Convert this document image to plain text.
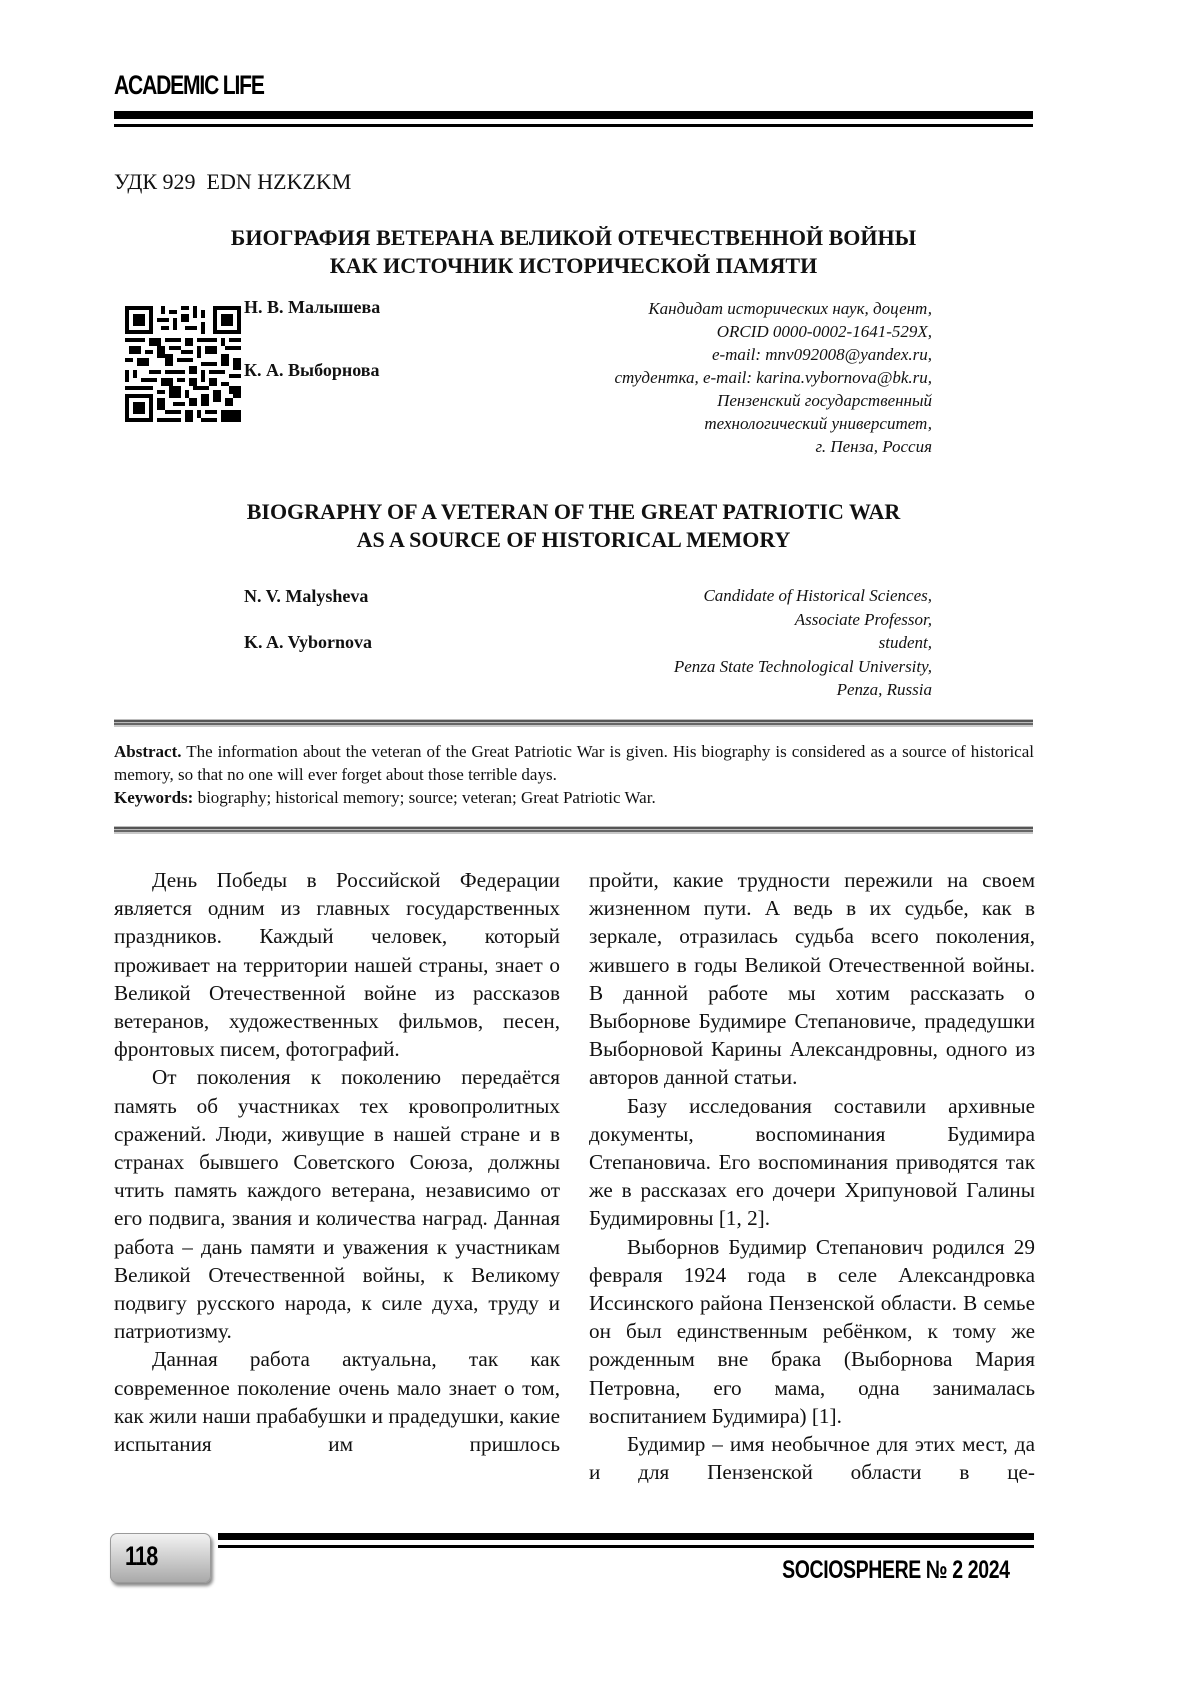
ACADEMIC LIFE
УДК 929  EDN HZKZKM
БИОГРАФИЯ ВЕТЕРАНА ВЕЛИКОЙ ОТЕЧЕСТВЕННОЙ ВОЙНЫ
КАК ИСТОЧНИК ИСТОРИЧЕСКОЙ ПАМЯТИ
Н. В. Малышева
К. А. Выборнова
Кандидат исторических наук, доцент,
ORCID 0000-0002-1641-529X,
e-mail: mnv092008@yandex.ru,
студентка, e-mail: karina.vybornova@bk.ru,
Пензенский государственный
технологический университет,
г. Пенза, Россия
BIOGRAPHY OF A VETERAN OF THE GREAT PATRIOTIC WAR
AS A SOURCE OF HISTORICAL MEMORY
N. V. Malysheva
K. A. Vybornova
Candidate of Historical Sciences,
Associate Professor,
student,
Penza State Technological University,
Penza, Russia
Abstract. The information about the veteran of the Great Patriotic War is given. His biography is considered as a source of historical memory, so that no one will ever forget about those terrible days.
Keywords: biography; historical memory; source; veteran; Great Patriotic War.

День Победы в Российской Федерации является одним из главных государственных праздников. Каждый человек, который проживает на территории нашей страны, знает о Великой Отечественной войне из рассказов ветеранов, художественных фильмов, песен, фронтовых писем, фотографий.

От поколения к поколению передаётся память об участниках тех кровопролитных сражений. Люди, живущие в нашей стране и в странах бывшего Советского Союза, должны чтить память каждого ветерана, независимо от его подвига, звания и количества наград. Данная работа – дань памяти и уважения к участникам Великой Отечественной войны, к Великому подвигу русского народа, к силе духа, труду и патриотизму.

Данная работа актуальна, так как современное поколение очень мало знает о том, как жили наши прабабушки и прадедушки, какие испытания им пришлось

пройти, какие трудности пережили на своем жизненном пути. А ведь в их судьбе, как в зеркале, отразилась судьба всего поколения, жившего в годы Великой Отечественной войны. В данной работе мы хотим рассказать о Выборнове Будимире Степановиче, прадедушки Выборновой Карины Александровны, одного из авторов данной статьи.

Базу исследования составили архивные документы, воспоминания Будимира Степановича. Его воспоминания приводятся так же в рассказах его дочери Хрипуновой Галины Будимировны [1, 2].

Выборнов Будимир Степанович родился 29 февраля 1924 года в селе Александровка Иссинского района Пензенской области. В семье он был единственным ребёнком, к тому же рожденным вне брака (Выборнова Мария Петровна, его мама, одна занималась воспитанием Будимира) [1].

Будимир – имя необычное для этих мест, да и для Пензенской области в це-

118	SOCIOSPHERE № 2 2024
